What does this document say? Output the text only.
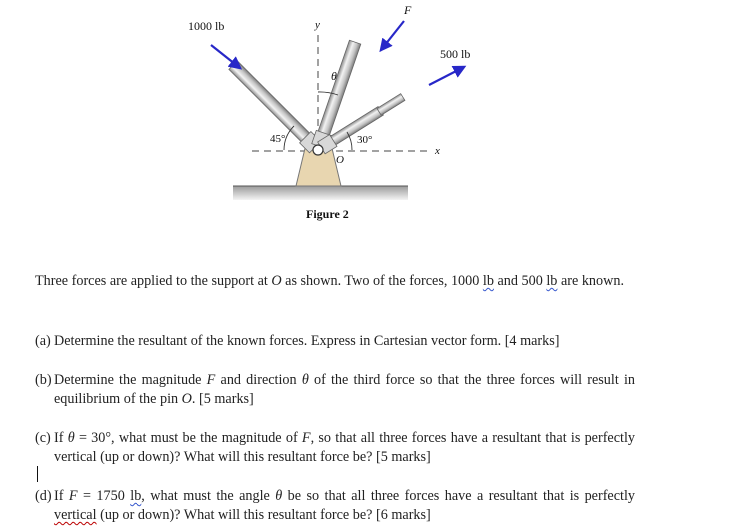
1000 lb
500 lb
F
y
x
θ
45°	30°
O
Figure 2

Three forces are applied to the support at O as shown. Two of the forces, 1000 lb and 500 lb are known.

(a) Determine the resultant of the known forces. Express in Cartesian vector form. [4 marks]
(b) Determine the magnitude F and direction θ of the third force so that the three forces will result in equilibrium of the pin O. [5 marks]
(c) If θ = 30°, what must be the magnitude of F, so that all three forces have a resultant that is perfectly vertical (up or down)? What will this resultant force be? [5 marks]
(d) If F = 1750 lb, what must the angle θ be so that all three forces have a resultant that is perfectly vertical (up or down)? What will this resultant force be? [6 marks]
